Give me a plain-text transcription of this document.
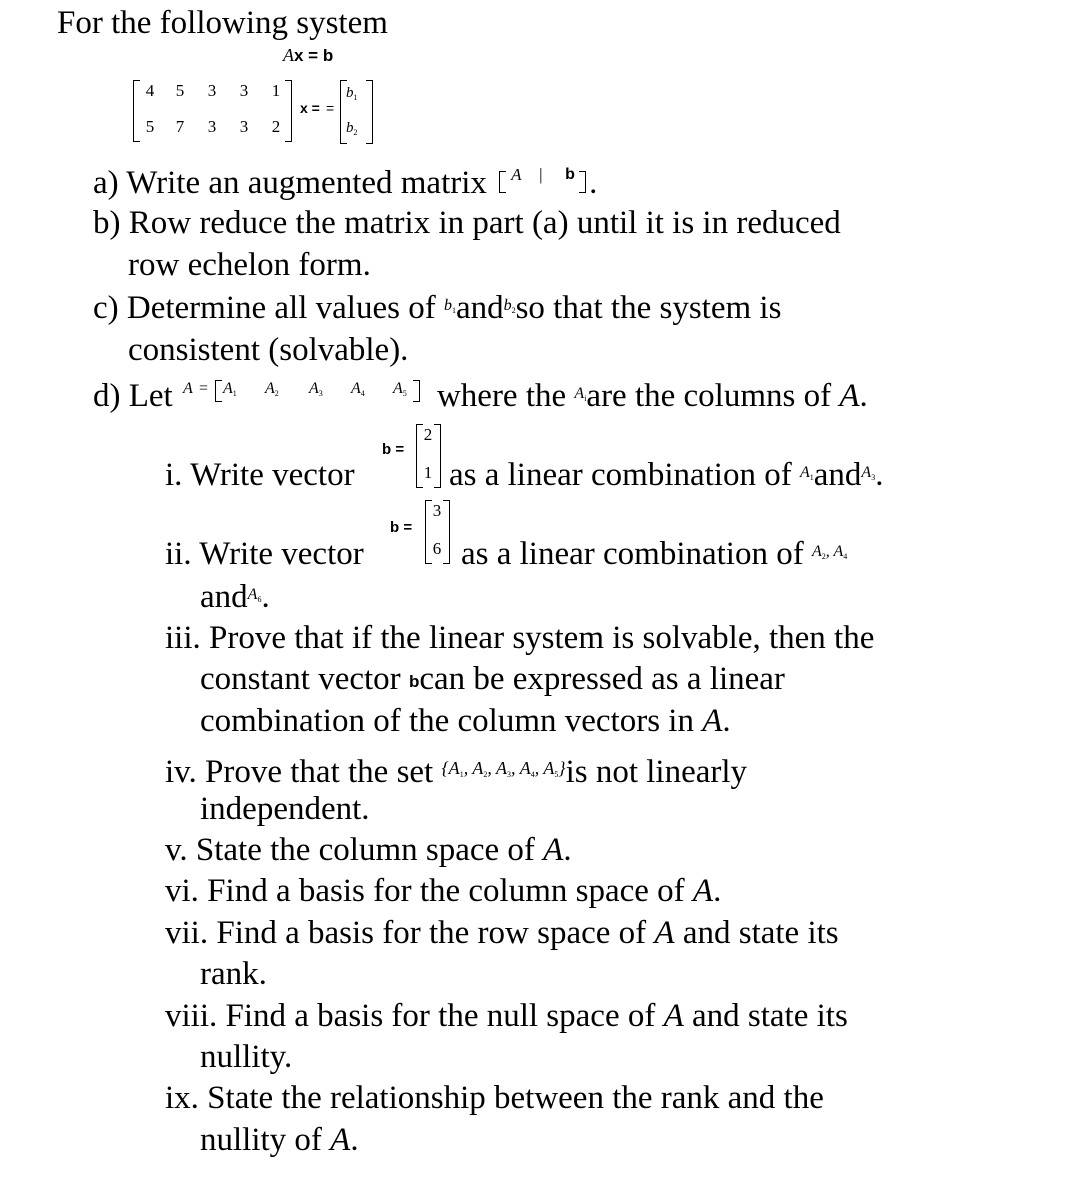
For the following system
Ax = b
4	5	3	3	1
5	7	3	3	2
x = =
$b_1$
$b_2$
a) Write an augmented matrix A | b .
b) Row reduce the matrix in part (a) until it is in reduced
row echelon form.
c) Determine all values of $^{b_1}$and$^{b_2}$so that the system is
consistent (solvable).
d) Let $A = A_1$ $A_2$ $A_3$ $A_4$ $A_5$ where the $^{A_i}$are the columns of A.
b =
2
1
i. Write vector	as a linear combination of $^{A_1}$and$^{A_3}$.
b =
3
6
ii. Write vector	as a linear combination of $^{A_2, A_4}$
and$^{A_6}$.
iii. Prove that if the linear system is solvable, then the
constant vector bcan be expressed as a linear
combination of the column vectors in A.
iv. Prove that the set $^{\{A_1, A_2, A_3, A_4, A_5\}}$is not linearly
independent.
v. State the column space of A.
vi. Find a basis for the column space of A.
vii. Find a basis for the row space of A and state its
rank.
viii. Find a basis for the null space of A and state its
nullity.
ix. State the relationship between the rank and the
nullity of A.
